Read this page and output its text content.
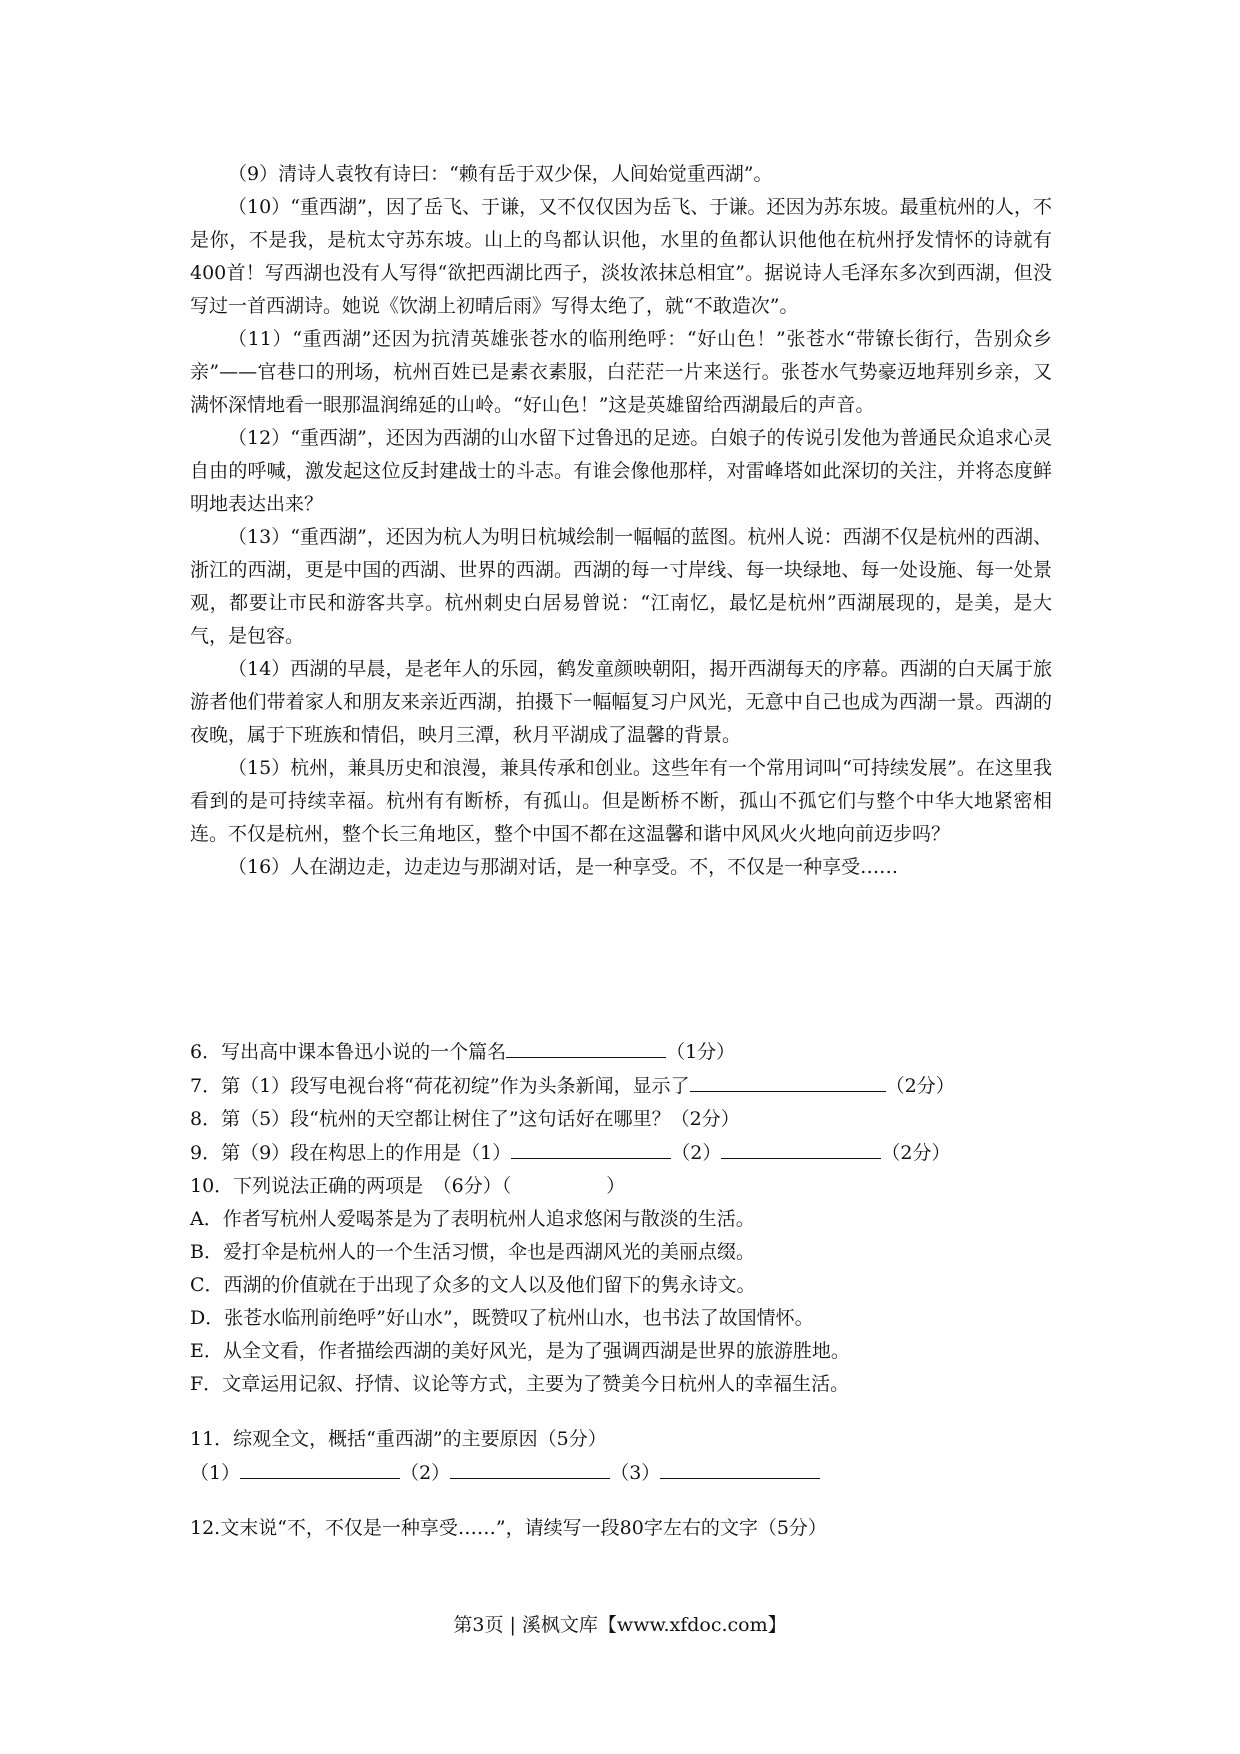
（9）清诗人袁牧有诗曰：“赖有岳于双少保，人间始觉重西湖”。

（10）“重西湖”，因了岳飞、于谦，又不仅仅因为岳飞、于谦。还因为苏东坡。最重杭州的人，不是你，不是我，是杭太守苏东坡。山上的鸟都认识他，水里的鱼都认识他他在杭州抒发情怀的诗就有400首！写西湖也没有人写得“欲把西湖比西子，淡妆浓抹总相宜”。据说诗人毛泽东多次到西湖，但没写过一首西湖诗。她说《饮湖上初晴后雨》写得太绝了，就“不敢造次”。

（11）“重西湖”还因为抗清英雄张苍水的临刑绝呼：“好山色！”张苍水“带镣长街行，告别众乡亲”——官巷口的刑场，杭州百姓已是素衣素服，白茫茫一片来送行。张苍水气势豪迈地拜别乡亲，又满怀深情地看一眼那温润绵延的山岭。“好山色！”这是英雄留给西湖最后的声音。

（12）“重西湖”，还因为西湖的山水留下过鲁迅的足迹。白娘子的传说引发他为普通民众追求心灵自由的呼喊，激发起这位反封建战士的斗志。有谁会像他那样，对雷峰塔如此深切的关注，并将态度鲜明地表达出来？

（13）“重西湖”，还因为杭人为明日杭城绘制一幅幅的蓝图。杭州人说：西湖不仅是杭州的西湖、浙江的西湖，更是中国的西湖、世界的西湖。西湖的每一寸岸线、每一块绿地、每一处设施、每一处景观，都要让市民和游客共享。杭州刺史白居易曾说：“江南忆，最忆是杭州”西湖展现的，是美，是大气，是包容。

（14）西湖的早晨，是老年人的乐园，鹤发童颜映朝阳，揭开西湖每天的序幕。西湖的白天属于旅游者他们带着家人和朋友来亲近西湖，拍摄下一幅幅复习户风光，无意中自己也成为西湖一景。西湖的夜晚，属于下班族和情侣，映月三潭，秋月平湖成了温馨的背景。

（15）杭州，兼具历史和浪漫，兼具传承和创业。这些年有一个常用词叫“可持续发展”。在这里我看到的是可持续幸福。杭州有有断桥，有孤山。但是断桥不断，孤山不孤它们与整个中华大地紧密相连。不仅是杭州，整个长三角地区，整个中国不都在这温馨和谐中风风火火地向前迈步吗？

（16）人在湖边走，边走边与那湖对话，是一种享受。不，不仅是一种享受……

6．写出高中课本鲁迅小说的一个篇名	（1分）

7．第（1）段写电视台将“荷花初绽”作为头条新闻，显示了	（2分）

8．第（5）段“杭州的天空都让树住了”这句话好在哪里？（2分）

9．第（9）段在构思上的作用是（1）	（2）	（2分）

10．下列说法正确的两项是　（6分）（　　　　　）

A．作者写杭州人爱喝茶是为了表明杭州人追求悠闲与散淡的生活。

B．爱打伞是杭州人的一个生活习惯，伞也是西湖风光的美丽点缀。

C．西湖的价值就在于出现了众多的文人以及他们留下的隽永诗文。

D．张苍水临刑前绝呼”好山水”，既赞叹了杭州山水，也书法了故国情怀。

E．从全文看，作者描绘西湖的美好风光，是为了强调西湖是世界的旅游胜地。

F．文章运用记叙、抒情、议论等方式，主要为了赞美今日杭州人的幸福生活。

11．综观全文，概括“重西湖”的主要原因（5分）

（1）	（2）	（3）

12.文末说“不，不仅是一种享受……”，请续写一段80字左右的文字（5分）

第3页 | 溪枫文库【www.xfdoc.com】
